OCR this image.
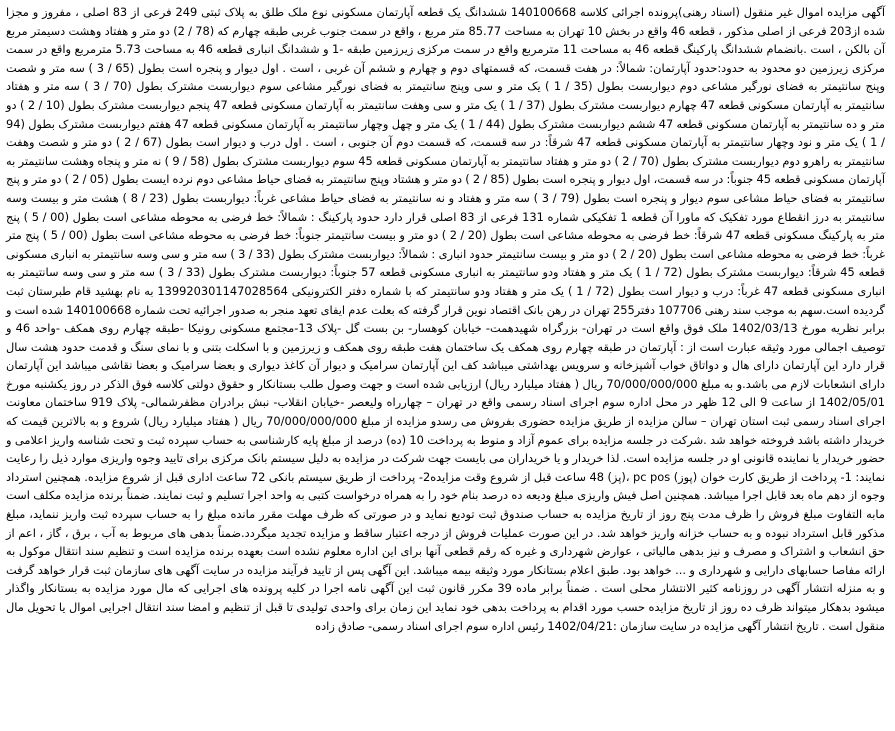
آگهی مزایده اموال غیر منقول (اسناد رهنی)پرونده اجرائی کلاسه 140100668 ششدانگ یک قطعه آپارتمان مسکونی نوع ملک طلق به پلاک ثبتی 249 فرعی از 83 اصلی ، مفروز و مجزا شده از203 فرعی از اصلی مذکور ، قطعه 46 واقع در بخش 10 تهران به مساحت 85.77 متر مربع ، واقع در سمت جنوب غربی طبقه چهارم که (78 / 2) دو متر و هفتاد وهشت دسیمتر مربع آن بالکن ، است .بانضمام ششدانگ پارکینگ قطعه 46 به مساحت 11 مترمربع واقع در سمت مرکزی زیرزمین طبقه -1 و ششدانگ انباری قطعه 46 به مساحت 5.73 مترمربع واقع در سمت مرکزی زیرزمین دو محدود به حدود:حدود آپارتمان: شمالاً: در هفت قسمت، که قسمتهای دوم و چهارم و ششم آن غربی ، است . اول دیوار و پنجره است بطول (65 / 3 ) سه متر و شصت وپنج سانتیمتر به فضای نورگیر مشاعی دوم دیواربست بطول (35 / 1 ) یک متر و سی وپنج سانتیمتر به فضای نورگیر مشاعی سوم دیواربست مشترک بطول (70 / 3 ) سه متر و هفتاد سانتیمتر به آپارتمان مسکونی قطعه 47 چهارم دیواربست مشترک بطول (37 / 1 ) یک متر و سی وهفت سانتیمتر به آپارتمان مسکونی قطعه 47 پنجم دیواربست مشترک بطول (10 / 2 ) دو متر و ده سانتیمتر به آپارتمان مسکونی قطعه 47 ششم دیواربست مشترک بطول (44 / 1 ) یک متر و چهل وچهار سانتیمتر به آپارتمان مسکونی قطعه 47 هفتم دیواربست مشترک بطول (94 / 1 ) یک متر و نود وچهار سانتیمتر به آپارتمان مسکونی قطعه 47 شرقاً: در سه قسمت، که قسمت دوم آن جنوبی ، است . اول درب و دیوار است بطول (67 / 2 ) دو متر و شصت وهفت سانتیمتر به راهرو دوم دیواربست مشترک بطول (70 / 2 ) دو متر و هفتاد سانتیمتر به آپارتمان مسکونی قطعه 45 سوم دیواربست مشترک بطول (58 / 9 ) نه متر و پنجاه وهشت سانتیمتر به آپارتمان مسکونی قطعه 45 جنوباً: در سه قسمت، اول دیوار و پنجره است بطول (85 / 2 ) دو متر و هشتاد وپنج سانتیمتر به فضای حیاط مشاعی دوم نرده ایست بطول (05 / 2 ) دو متر و پنج سانتیمتر به فضای حیاط مشاعی سوم دیوار و پنجره است بطول (79 / 3 ) سه متر و هفتاد و نه سانتیمتر به فضای حیاط مشاعی غرباً: دیواربست بطول (23 / 8 ) هشت متر و بیست وسه سانتیمتر به درز انقطاع مورد تفکیک که ماورا آن قطعه 1 تفکیکی شماره 131 فرعی از 83 اصلی قرار دارد حدود پارکینگ : شمالاً: خط فرضی به محوطه مشاعی است بطول (00 / 5 ) پنج متر به پارکینگ مسکونی قطعه 47 شرقاً: خط فرضی به محوطه مشاعی است بطول (20 / 2 ) دو متر و بیست سانتیمتر جنوباً: خط فرضی به محوطه مشاعی است بطول (00 / 5 ) پنج متر غرباً: خط فرضی به محوطه مشاعی است بطول (20 / 2 ) دو متر و بیست سانتیمتر حدود انباری : شمالاً: دیواربست مشترک بطول (33 / 3 ) سه متر و سی وسه سانتیمتر به انباری مسکونی قطعه 45 شرقاً: دیواربست مشترک بطول (72 / 1 ) یک متر و هفتاد ودو سانتیمتر به انباری مسکونی قطعه 57 جنوباً: دیواربست مشترک بطول (33 / 3 ) سه متر و سی وسه سانتیمتر به انباری مسکونی قطعه 47 غرباً: درب و دیوار است بطول (72 / 1 ) یک متر و هفتاد ودو سانتیمتر که با شماره دفتر الکترونیکی 139920301147028564 به نام بهشید قام طبرستان ثبت گردیده است.سهم به موجب سند رهنی 107706 دفتر255 تهران در رهن بانک اقتصاد نوین قرار گرفته که بعلت عدم ایفای تعهد منجر به صدور اجرائیه تحت شماره 140100668 شده است و برابر نظریه مورخ 1402/03/13 ملک فوق واقع است در تهران- بزرگراه شهیدهمت- خیابان کوهسار- بن بست گل -پلاک 13-مجتمع مسکونی رونیکا -طبقه چهارم روی همکف -واحد 46 و توصیف اجمالی مورد وثیقه عبارت است از : آپارتمان در طبقه چهارم روی همکف یک ساختمان هفت طبقه روی همکف و زیرزمین و با اسکلت بتنی و با نمای سنگ و قدمت حدود هشت سال قرار دارد این آپارتمان دارای هال و دواتاق خواب آشپزخانه و سرویس بهداشتی میباشد کف این آپارتمان سرامیک و دیوار آن کاغذ دیواری و بعضا سرامیک و بعضا نقاشی میباشد این آپارتمان دارای انشعابات لازم می باشد.و به مبلغ 70/000/000/000 ریال ( هفتاد میلیارد ریال) ارزیابی شده است و جهت وصول طلب بستانکار و حقوق دولتی کلاسه فوق الذکر در روز یکشنبه مورخ 1402/05/01 از ساعت 9 الی 12 ظهر در محل اداره سوم اجرای اسناد رسمی واقع در تهران – چهارراه ولیعصر -خیابان انقلاب- نبش برادران مظفرشمالی- پلاک 919 ساختمان معاونت اجرای اسناد رسمی ثبت استان تهران – سالن مزایده از طریق مزایده حضوری بفروش می رسدو مزایده از مبلغ 70/000/000/000 ریال ( هفتاد میلیارد ریال) شروع و به بالاترین قیمت که خریدار داشته باشد فروخته خواهد شد .شرکت در جلسه مزایده برای عموم آزاد و منوط به پرداخت 10 (ده) درصد از مبلغ پایه کارشناسی به حساب سپرده ثبت و تحت شناسه واریز اعلامی و حضور خریدار یا نماینده قانونی او در جلسه مزایده است. لذا خریدار و یا خریداران می بایست جهت شرکت در مزایده به دلیل سیستم بانک مرکزی برای تایید وجوه واریزی موارد ذیل را رعایت نمایند: 1- پرداخت از طریق کارت خوان (پوز) pc pos ،(پز) 48 ساعت قبل از شروع وقت مزایده2- پرداخت از طریق سیستم بانکی 72 ساعت اداری قبل از شروع مزایده. همچنین استرداد وجوه از دهم ماه بعد قابل اجرا میباشد. همچنین اصل فیش واریزی مبلغ ودیعه ده درصد بنام خود را به همراه درخواست کتبی به واحد اجرا تسلیم و ثبت نمایند. ضمناً برنده مزایده مکلف است مابه التفاوت مبلغ فروش را ظرف مدت پنج روز از تاریخ مزایده به حساب صندوق ثبت تودیع نماید و در صورتی که ظرف مهلت مقرر مانده مبلغ را به حساب سپرده ثبت واریز ننماید، مبلغ مذکور قابل استرداد نبوده و به حساب خزانه واریز خواهد شد. در این صورت عملیات فروش از درجه اعتبار ساقط و مزایده تجدید میگردد.ضمناً بدهی های مربوط به آب ، برق ، گاز ، اعم از حق انشعاب و اشتراک و مصرف و نیز بدهی مالیاتی ، عوارض شهرداری و غیره که رقم قطعی آنها برای این اداره معلوم نشده است بعهده برنده مزایده است و تنظیم سند انتقال موکول به ارائه مفاصا حسابهای دارایی و شهرداری و ... خواهد بود. طبق اعلام بستانکار مورد وثیقه بیمه میباشد. این آگهی پس از تایید فرآیند مزایده در سایت آگهی های سازمان ثبت قرار خواهد گرفت و به منزله انتشار آگهی در روزنامه کثیر الانتشار محلی است . ضمناً برابر ماده 39 مکرر قانون ثبت این آگهی نامه اجرا در کلیه پرونده های اجرایی که مال مورد مزایده به بستانکار واگذار میشود بدهکار میتواند ظرف ده روز از تاریخ مزایده حسب مورد اقدام به پرداخت بدهی خود نماید این زمان برای واحدی تولیدی تا قبل از تنظیم و امضا سند انتقال اجرایی اموال یا تحویل مال منقول است . تاریخ انتشار آگهی مزایده در سایت سازمان :1402/04/21 رئیس اداره سوم اجرای اسناد رسمی- صادق زاده
